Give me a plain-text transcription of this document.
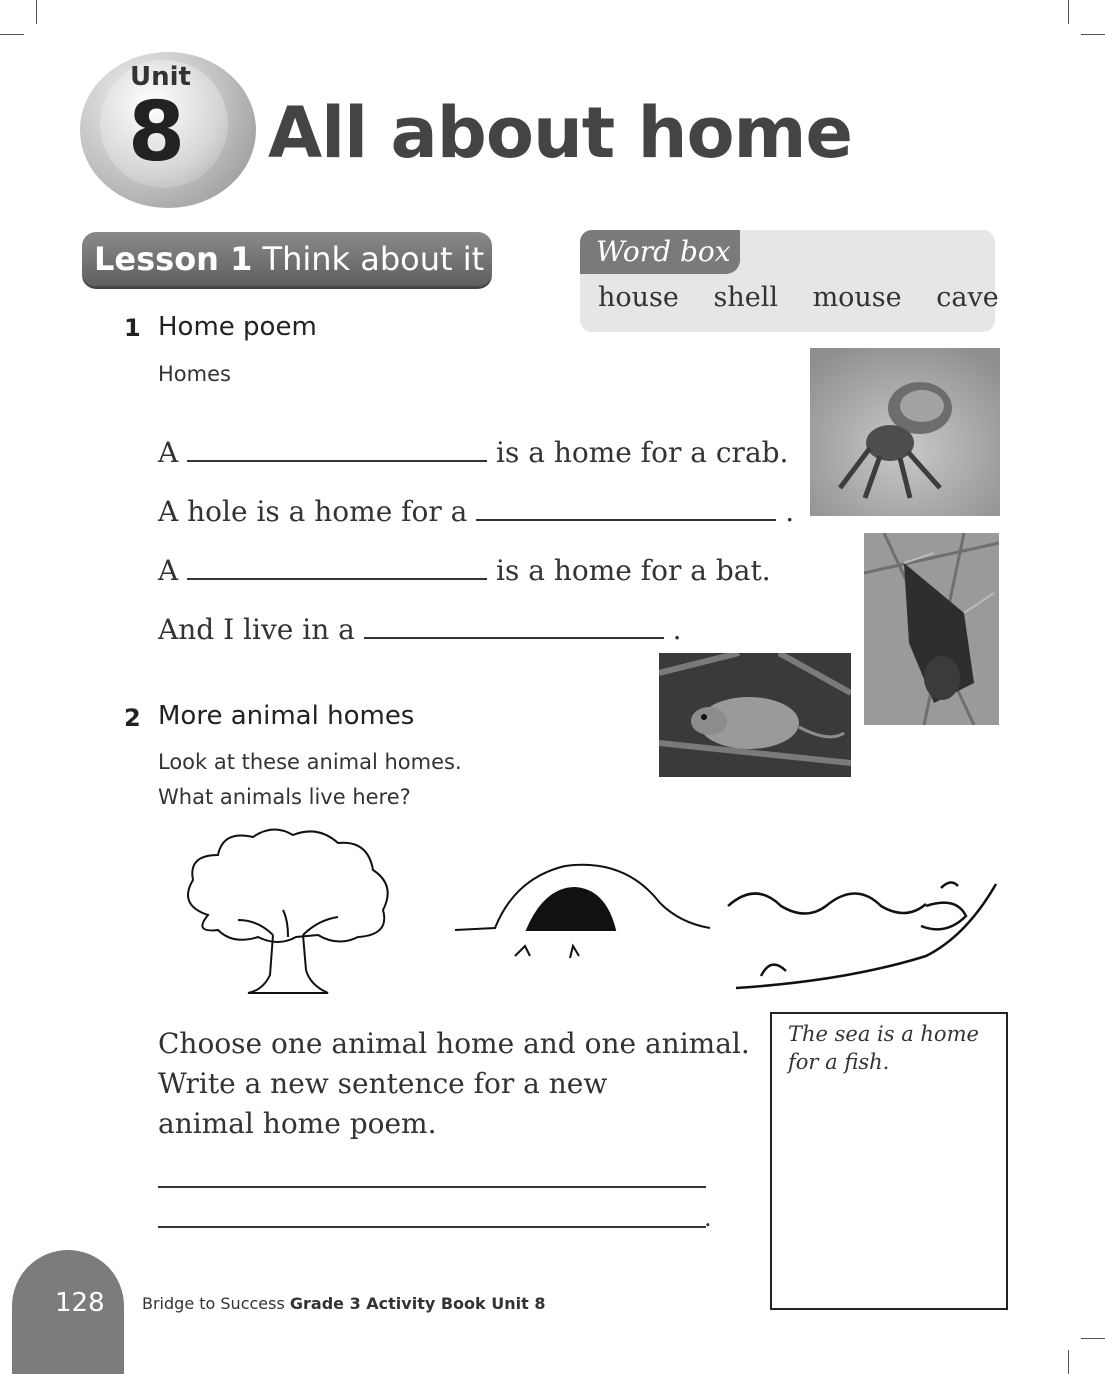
Unit
8 All about home
Lesson 1 Think about it	Word box
house shell mouse cave
1 Home poem
Homes
A	is a home for a crab.
A hole is a home for a	.
A	is a home for a bat.
And I live in a	.
2 More animal homes
Look at these animal homes.
What animals live here?
Choose one animal home and one animal.
Write a new sentence for a new
animal home poem.
.
The sea is a home
for a fish.
128 Bridge to Success Grade 3 Activity Book Unit 8
